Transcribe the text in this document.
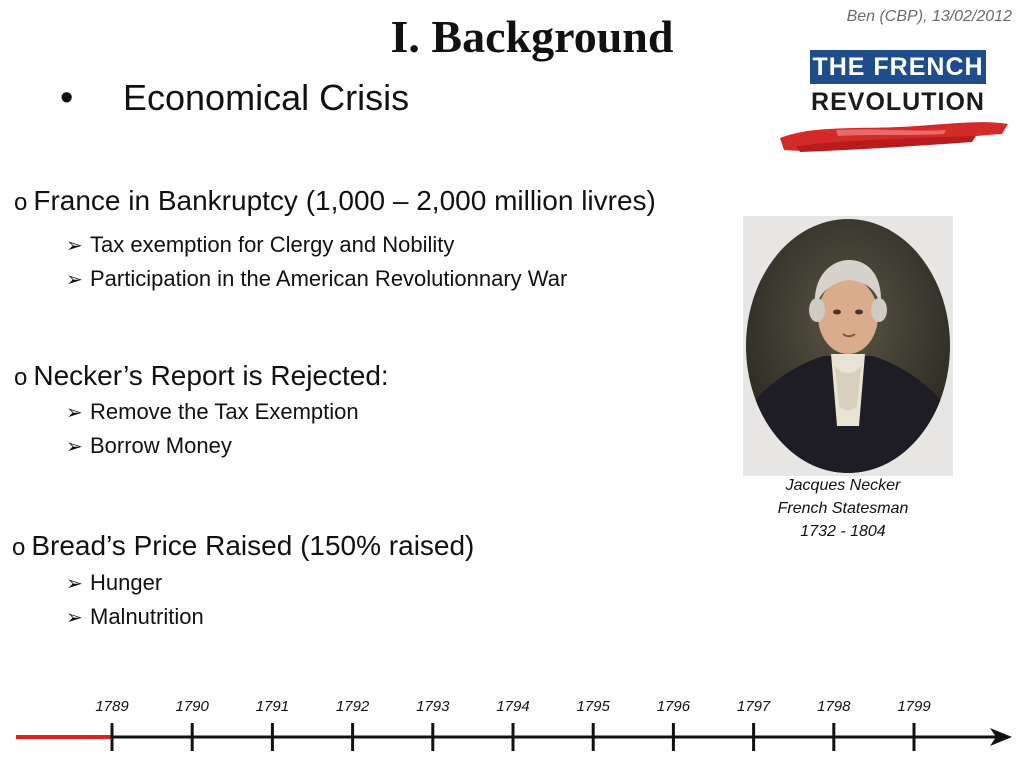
I. Background	Ben (CBP), 13/02/2012
THE FRENCH
REVOLUTION
• Economical Crisis
o France in Bankruptcy (1,000 – 2,000 million livres)
➢ Tax exemption for Clergy and Nobility
➢ Participation in the American Revolutionnary War
o Necker’s Report is Rejected:
➢ Remove the Tax Exemption
➢ Borrow Money
o Bread’s Price Raised (150% raised)
➢ Hunger
➢ Malnutrition
Jacques Necker
French Statesman
1732 - 1804
1789	1790	1791	1792	1793	1794	1795	1796	1797	1798	1799
